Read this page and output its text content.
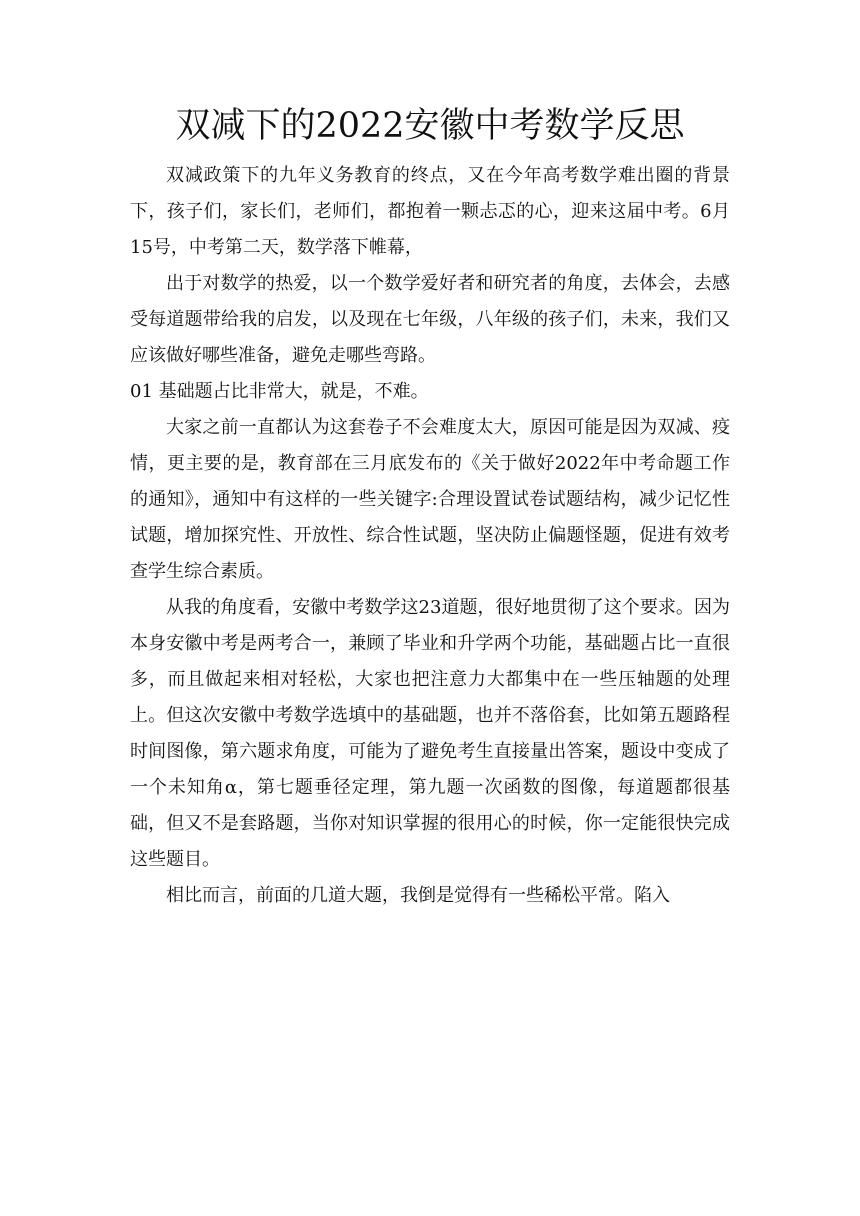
双减下的2022安徽中考数学反思

双减政策下的九年义务教育的终点，又在今年高考数学难出圈的背景下，孩子们，家长们，老师们，都抱着一颗忐忑的心，迎来这届中考。6月15号，中考第二天，数学落下帷幕，

出于对数学的热爱，以一个数学爱好者和研究者的角度，去体会，去感受每道题带给我的启发，以及现在七年级，八年级的孩子们，未来，我们又应该做好哪些准备，避免走哪些弯路。

01 基础题占比非常大，就是，不难。

大家之前一直都认为这套卷子不会难度太大，原因可能是因为双减、疫情，更主要的是，教育部在三月底发布的《关于做好2022年中考命题工作的通知》，通知中有这样的一些关键字:合理设置试卷试题结构，减少记忆性试题，增加探究性、开放性、综合性试题，坚决防止偏题怪题，促进有效考查学生综合素质。

从我的角度看，安徽中考数学这23道题，很好地贯彻了这个要求。因为本身安徽中考是两考合一，兼顾了毕业和升学两个功能，基础题占比一直很多，而且做起来相对轻松，大家也把注意力大都集中在一些压轴题的处理上。但这次安徽中考数学选填中的基础题，也并不落俗套，比如第五题路程时间图像，第六题求角度，可能为了避免考生直接量出答案，题设中变成了一个未知角α，第七题垂径定理，第九题一次函数的图像，每道题都很基础，但又不是套路题，当你对知识掌握的很用心的时候，你一定能很快完成这些题目。

相比而言，前面的几道大题，我倒是觉得有一些稀松平常。陷入
